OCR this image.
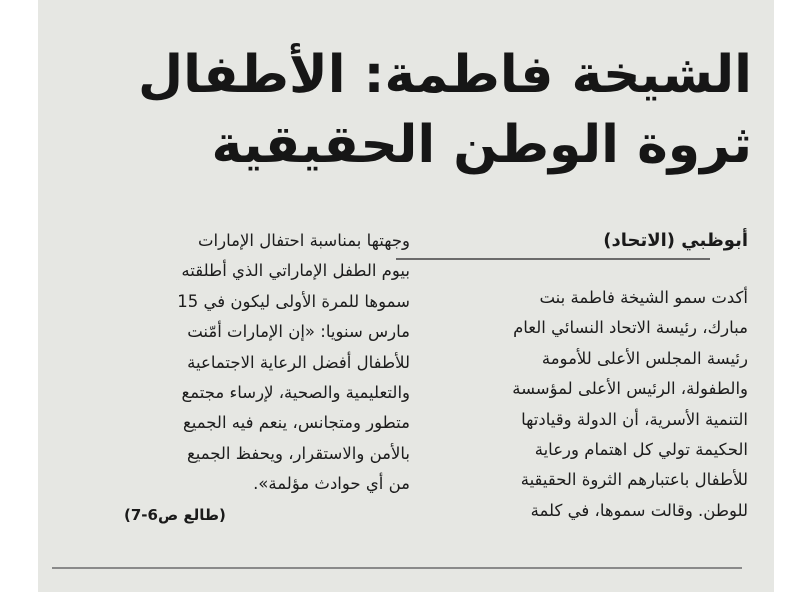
الشيخة فاطمة: الأطفال
ثروة الوطن الحقيقية
أبوظبي (الاتحاد)

أكدت سمو الشيخة فاطمة بنت

مبارك، رئيسة الاتحاد النسائي العام

رئيسة المجلس الأعلى للأمومة

والطفولة، الرئيس الأعلى لمؤسسة

التنمية الأسرية، أن الدولة وقيادتها

الحكيمة تولي كل اهتمام ورعاية

للأطفال باعتبارهم الثروة الحقيقية

للوطن. وقالت سموها، في كلمة

وجهتها بمناسبة احتفال الإمارات

بيوم الطفل الإماراتي الذي أطلقته

سموها للمرة الأولى ليكون في 15

مارس سنويا: «إن الإمارات أمّنت

للأطفال أفضل الرعاية الاجتماعية

والتعليمية والصحية، لإرساء مجتمع

متطور ومتجانس، ينعم فيه الجميع

بالأمن والاستقرار، ويحفظ الجميع

من أي حوادث مؤلمة».

(طالع ص6-7)
